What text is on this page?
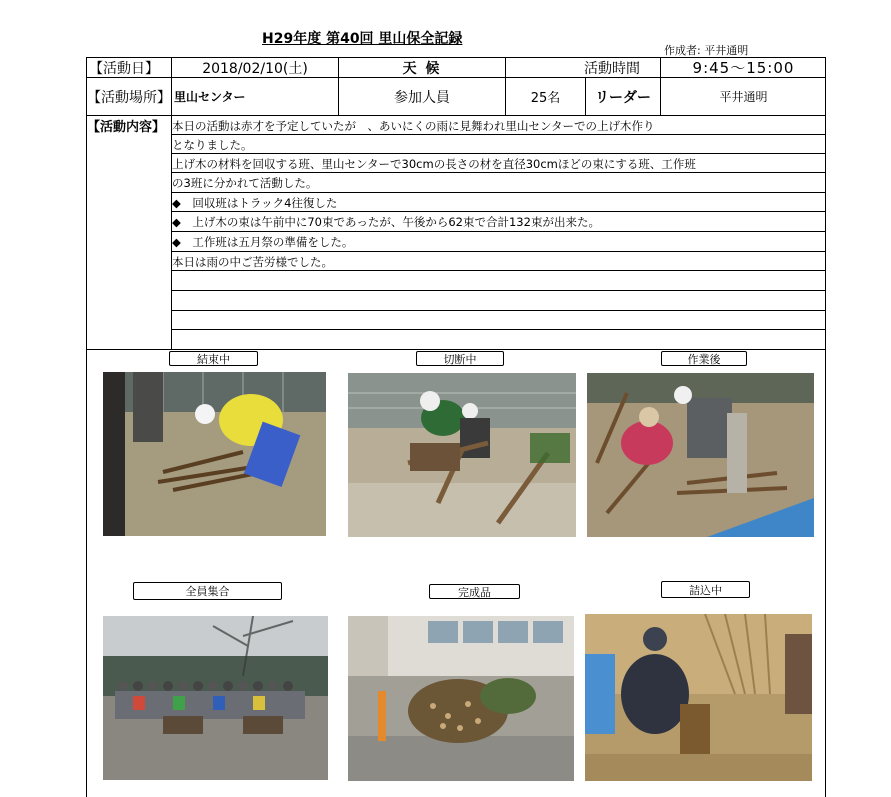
H29年度 第40回 里山保全記録
作成者: 平井通明
【活動日】	2018/02/10(土)	天 候	活動時間	9:45～15:00
【活動場所】 里山センター	参加人員	25名	リーダー	平井通明
【活動内容】 本日の活動は赤才を予定していたが　、あいにくの雨に見舞われ里山センターでの上げ木作り
となりました。
上げ木の材料を回収する班、里山センターで30cmの長さの材を直径30cmほどの束にする班、工作班
の3班に分かれて活動した。
◆　回収班はトラック4往復した
◆　上げ木の束は午前中に70束であったが、午後から62束で合計132束が出来た。
◆　工作班は五月祭の準備をした。
本日は雨の中ご苦労様でした。
結束中	切断中	作業後
全員集合	完成品	詰込中
